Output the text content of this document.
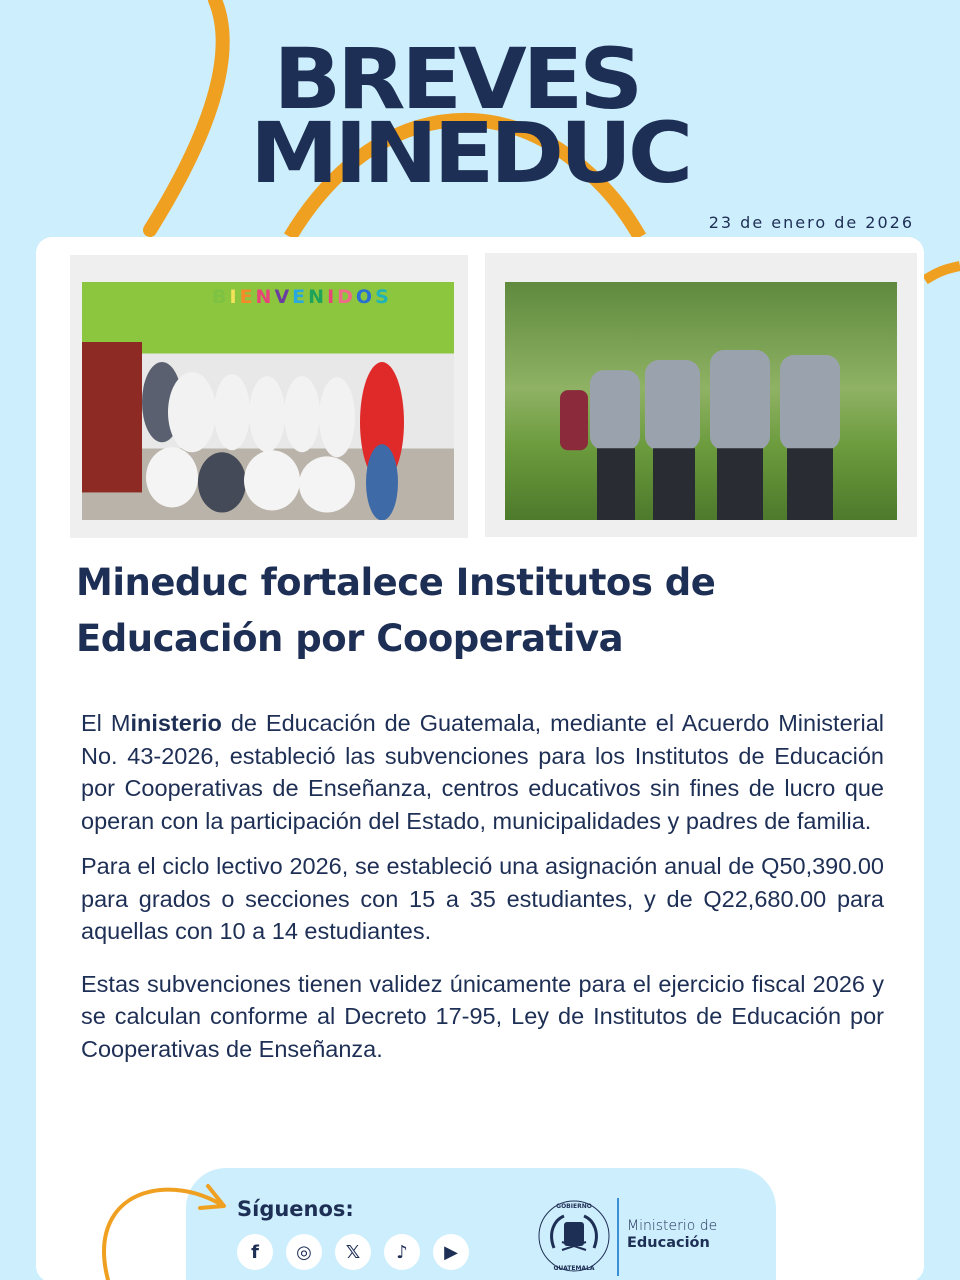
BREVES
MINEDUC
23 de enero de 2026
BIENVENIDOS
Mineduc fortalece Institutos de
Educación por Cooperativa

El Ministerio de Educación de Guatemala, mediante el Acuerdo Ministerial No. 43-2026, estableció las subvenciones para los Institutos de Educación por Cooperativas de Enseñanza, centros educativos sin fines de lucro que operan con la participación del Estado, municipalidades y padres de familia.

Para el ciclo lectivo 2026, se estableció una asignación anual de Q50,390.00 para grados o secciones con 15 a 35 estudiantes, y de Q22,680.00 para aquellas con 10 a 14 estudiantes.

Estas subvenciones tienen validez únicamente para el ejercicio fiscal 2026 y se calculan conforme al Decreto 17-95, Ley de Institutos de Educación por Cooperativas de Enseñanza.

Síguenos:
f	◎	𝕏	♪	▶
GOBIERNO
GUATEMALA
Ministerio de
Educación
